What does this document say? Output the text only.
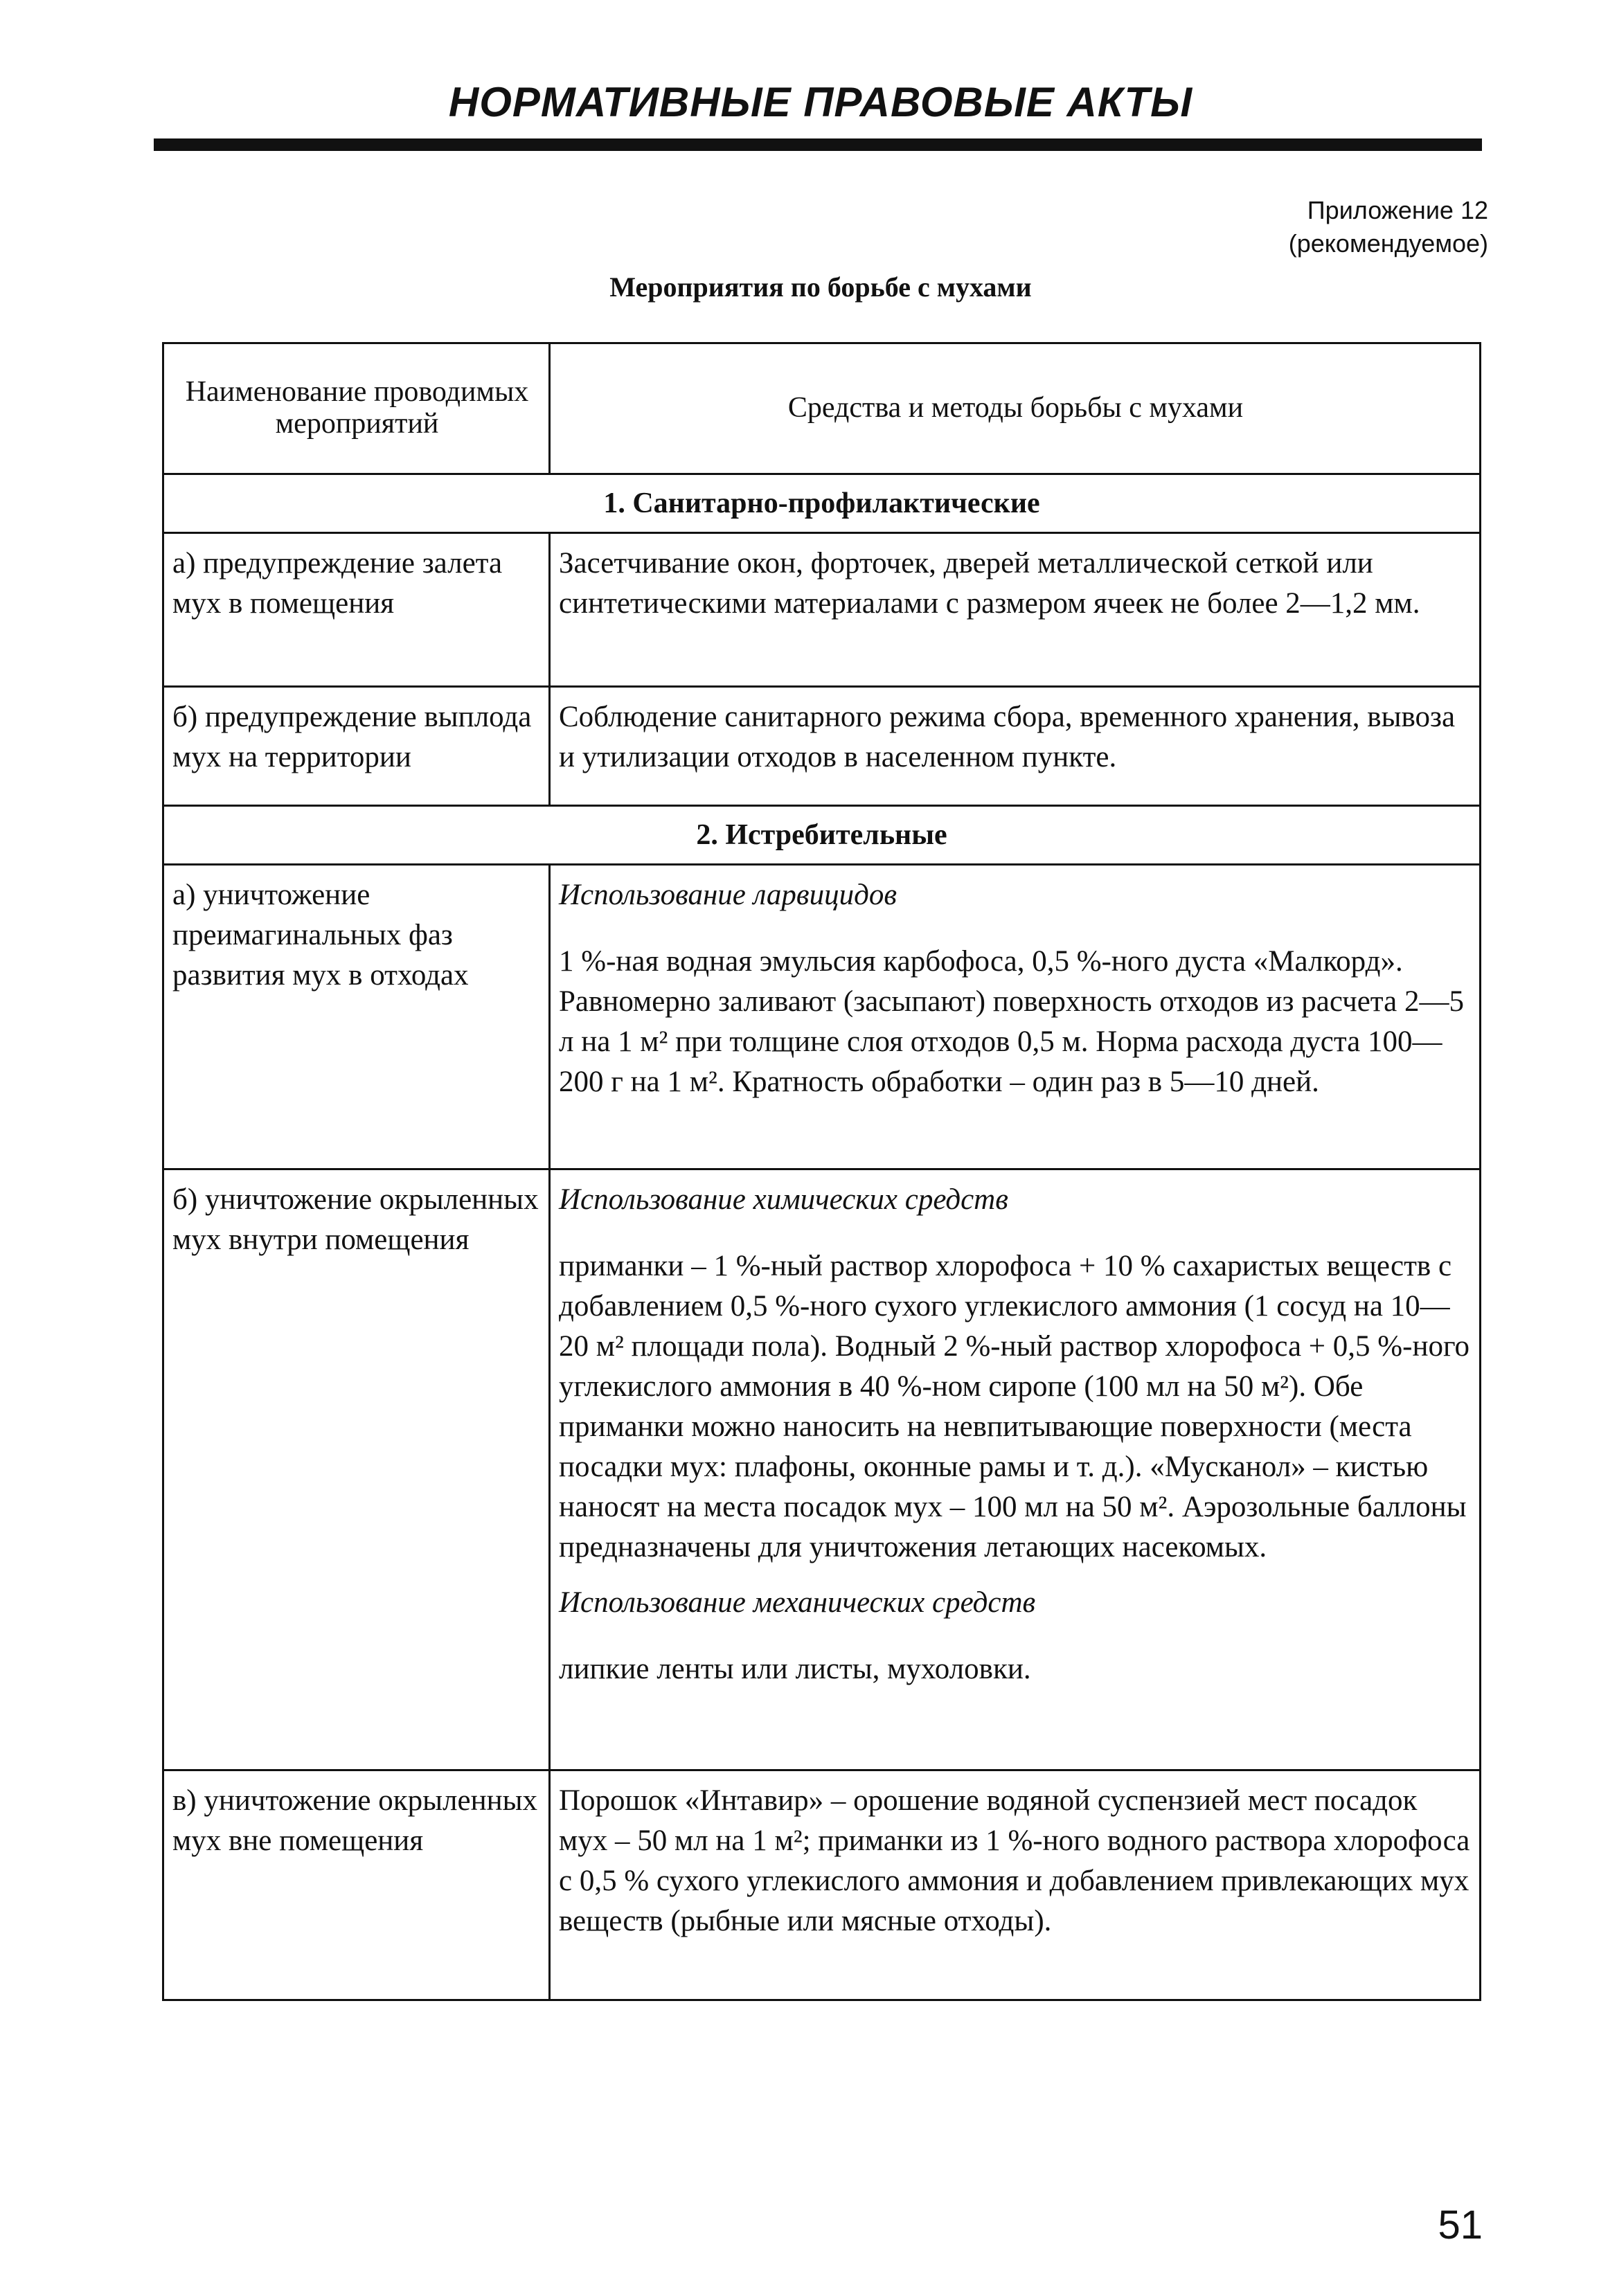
НОРМАТИВНЫЕ ПРАВОВЫЕ АКТЫ
Приложение 12
(рекомендуемое)
Мероприятия по борьбе с мухами
Наименование проводимых мероприятий	Средства и методы борьбы с мухами
1. Санитарно-профилактические	
а) предупреждение залета мух в помещения	Засетчивание окон, форточек, дверей металлической сеткой или синтетическими материалами с размером ячеек не более 2—1,2 мм.
б) предупреждение выплода мух на территории	Соблюдение санитарного режима сбора, временного хранения, вывоза и утилизации отходов в населенном пункте.
2. Истребительные	
а) уничтожение преимагинальных фаз развития мух в отходах	Использование ларвицидов
1 %-ная водная эмульсия карбофоса, 0,5 %-ного дуста «Малкорд». Равномерно заливают (засыпают) поверхность отходов из расчета 2—5 л на 1 м² при толщине слоя отходов 0,5 м. Норма расхода дуста 100—200 г на 1 м². Кратность обработки – один раз в 5—10 дней.

б) уничтожение окрыленных мух внутри помещения	Использование химических средств
приманки – 1 %-ный раствор хлорофоса + 10 % сахаристых веществ с добавлением 0,5 %-ного сухого углекислого аммония (1 сосуд на 10—20 м² площади пола). Водный 2 %-ный раствор хлорофоса + 0,5 %-ного углекислого аммония в 40 %-ном сиропе (100 мл на 50 м²). Обе приманки можно наносить на невпитывающие поверхности (места посадки мух: плафоны, оконные рамы и т. д.). «Мусканол» – кистью наносят на места посадок мух – 100 мл на 50 м². Аэрозольные баллоны предназначены для уничтожения летающих насекомых.
Использование механических средств
липкие ленты или листы, мухоловки.

в) уничтожение окрыленных мух вне помещения	Порошок «Интавир» – орошение водяной суспензией мест посадок мух – 50 мл на 1 м²; приманки из 1 %-ного водного раствора хлорофоса с 0,5 % сухого углекислого аммония и добавлением привлекающих мух веществ (рыбные или мясные отходы).
51
